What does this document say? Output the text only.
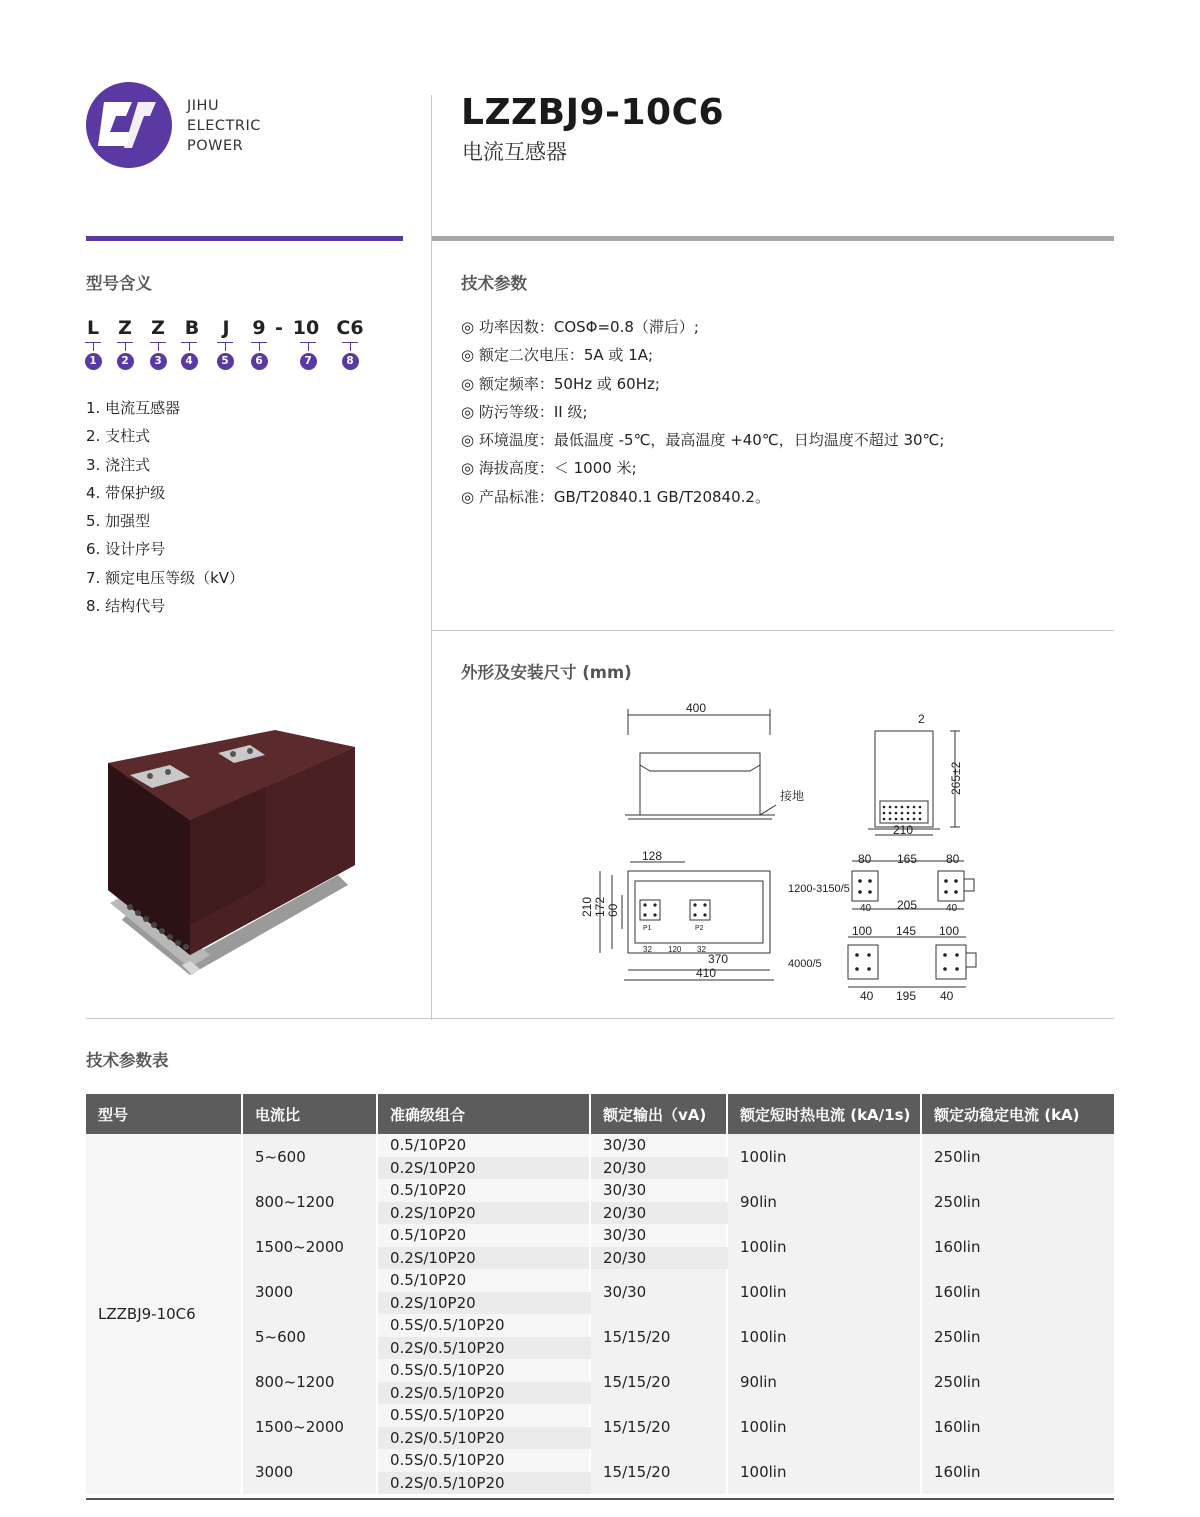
JIHU
ELECTRIC
POWER
LZZBJ9-10C6
电流互感器
型号含义
L Z Z B J 9 - 10 C6
1	2	3	4	5	6	7	8
1. 电流互感器
2. 支柱式
3. 浇注式
4. 带保护级
5. 加强型
6. 设计序号
7. 额定电压等级（kV）
8. 结构代号
技术参数
◎ 功率因数：COSΦ=0.8（滞后）;
◎ 额定二次电压：5A 或 1A;
◎ 额定频率：50Hz 或 60Hz;
◎ 防污等级：II 级;
◎ 环境温度：最低温度 -5℃，最高温度 +40℃，日均温度不超过 30℃;
◎ 海拔高度：＜ 1000 米;
◎ 产品标准：GB/T20840.1 GB/T20840.2。
外形及安装尺寸 (mm)
400
接地
2
265±2
210
128
210 172 60
32 120 32
370
410
P1	P2
1200-3150/5
80 165 80
40 205	40
4000/5
100 145 100
40 195 40
技术参数表
型号	电流比	准确级组合	额定输出（vA)	额定短时热电流 (kA/1s)	额定动稳定电流 (kA)
LZZBJ9-10C6	5~600	0.5/10P20	30/30	100lin	250lin
		0.2S/10P20	20/30		
	800~1200	0.5/10P20	30/30	90lin	250lin
		0.2S/10P20	20/30		
	1500~2000	0.5/10P20	30/30	100lin	160lin
		0.2S/10P20	20/30		
	3000	0.5/10P20	30/30	100lin	160lin
		0.2S/10P20			
	5~600	0.5S/0.5/10P20	15/15/20	100lin	250lin
		0.2S/0.5/10P20			
	800~1200	0.5S/0.5/10P20	15/15/20	90lin	250lin
		0.2S/0.5/10P20			
	1500~2000	0.5S/0.5/10P20	15/15/20	100lin	160lin
		0.2S/0.5/10P20			
	3000	0.5S/0.5/10P20	15/15/20	100lin	160lin
		0.2S/0.5/10P20			
